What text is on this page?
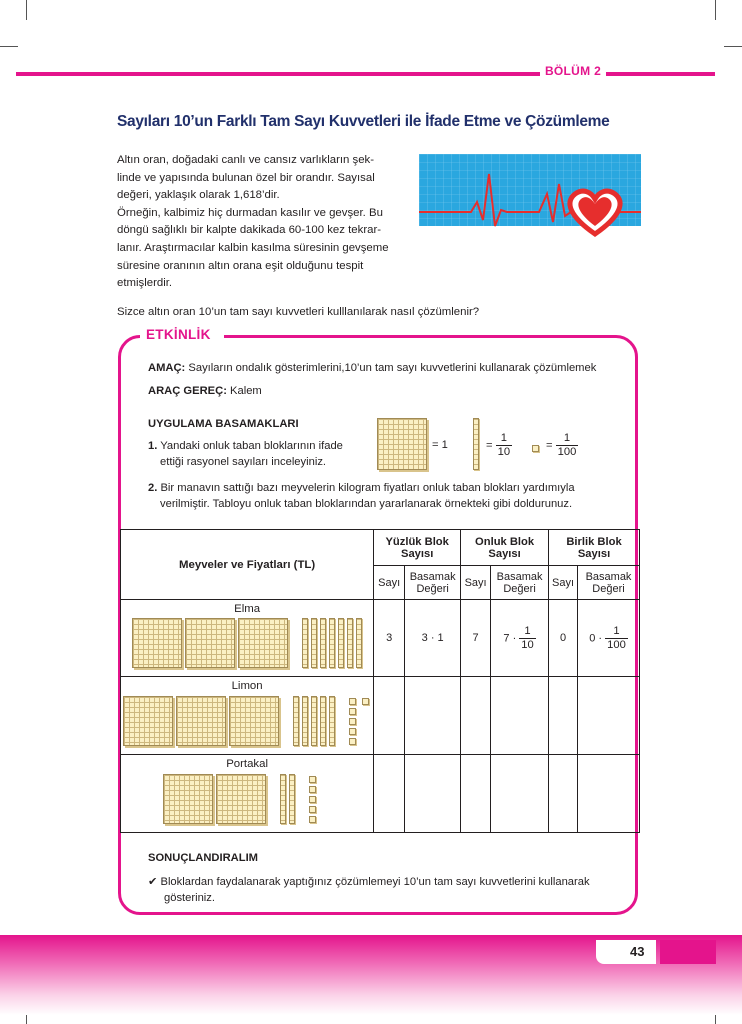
BÖLÜM 2
Sayıları 10’un Farklı Tam Sayı Kuvvetleri ile İfade Etme ve Çözümleme
Altın oran, doğadaki canlı ve cansız varlıkların şek-
linde ve yapısında bulunan özel bir orandır. Sayısal
değeri, yaklaşık olarak 1,618’dir.
Örneğin, kalbimiz hiç durmadan kasılır ve gevşer. Bu
döngü sağlıklı bir kalpte dakikada 60-100 kez tekrar-
lanır. Araştırmacılar kalbin kasılma süresinin gevşeme
süresine oranının altın orana eşit olduğunu tespit
etmişlerdir.
Sizce altın oran 10’un tam sayı kuvvetleri kulllanılarak nasıl çözümlenir?
ETKİNLİK
AMAÇ: Sayıların ondalık gösterimlerini,10’un tam sayı kuvvetlerini kullanarak çözümlemek
ARAÇ GEREÇ: Kalem
UYGULAMA BASAMAKLARI
1. Yandaki onluk taban bloklarının ifade
ettiği rasyonel sayıları inceleyiniz.
= 1	= $\frac{1}{10}$	= $\frac{1}{100}$
2. Bir manavın sattığı bazı meyvelerin kilogram fiyatları onluk taban blokları yardımıyla
verilmiştir. Tabloyu onluk taban bloklarından yararlanarak örnekteki gibi doldurunuz.
Meyveler ve Fiyatları (TL)	Yüzlük Blok Sayısı		Onluk Blok Sayısı		Birlik Blok Sayısı	
	Sayı	Basamak Değeri	Sayı	Basamak Değeri	Sayı	Basamak Değeri

Elma	3	3 · 1	7	$7 \cdot \frac{1}{10}$	0	$0 \cdot \frac{1}{100}$

Limon						

Portakal						

SONUÇLANDIRALIM
✔ Bloklardan faydalanarak yaptığınız çözümlemeyi 10’un tam sayı kuvvetlerini kullanarak
gösteriniz.
43
